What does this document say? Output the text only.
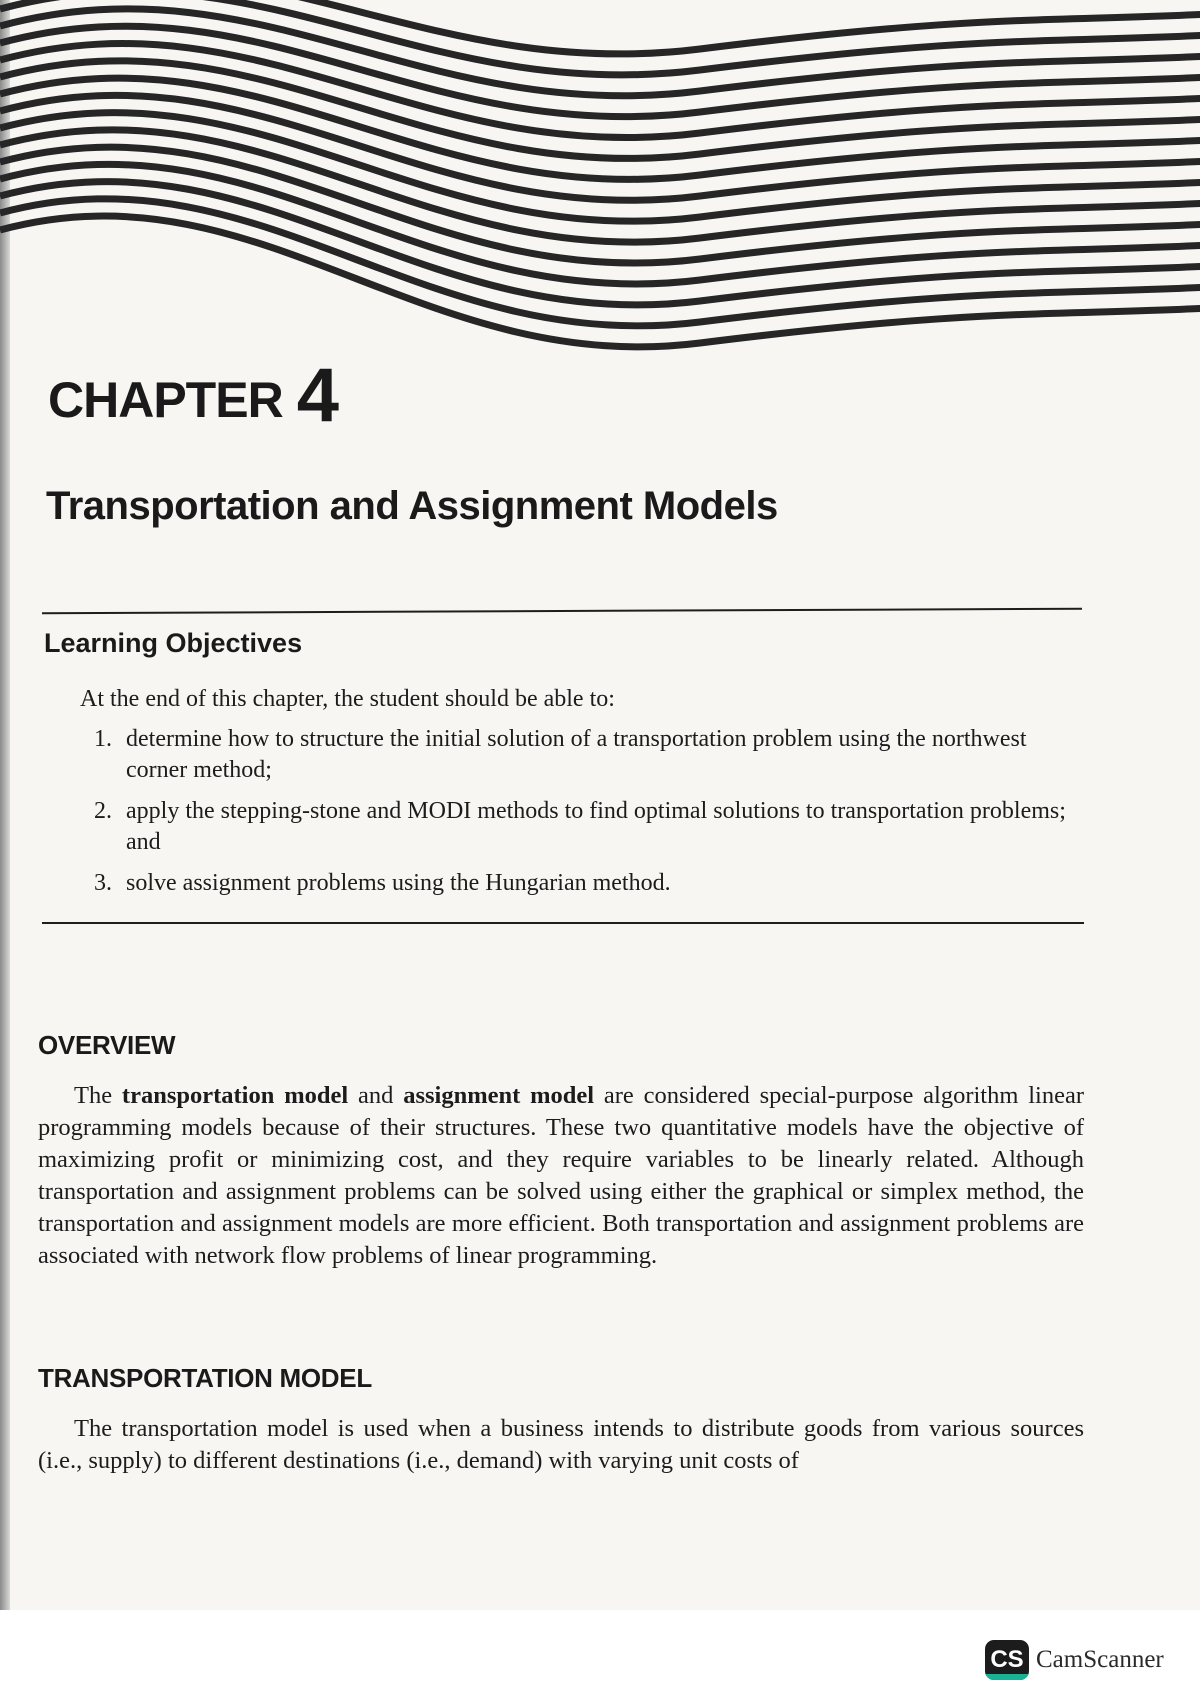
CHAPTER 4
Transportation and Assignment Models
Learning Objectives

At the end of this chapter, the student should be able to:

1. determine how to structure the initial solution of a transportation problem using the northwest corner method;
2. apply the stepping-stone and MODI methods to find optimal solutions to transportation problems; and
3. solve assignment problems using the Hungarian method.
OVERVIEW

The transportation model and assignment model are considered special-purpose algorithm linear programming models because of their structures. These two quantitative models have the objective of maximizing profit or minimizing cost, and they require variables to be linearly related. Although transportation and assignment problems can be solved using either the graphical or simplex method, the transportation and assignment models are more efficient. Both transportation and assignment problems are associated with network flow problems of linear programming.

TRANSPORTATION MODEL

The transportation model is used when a business intends to distribute goods from various sources (i.e., supply) to different destinations (i.e., demand) with varying unit costs of

CS CamScanner
